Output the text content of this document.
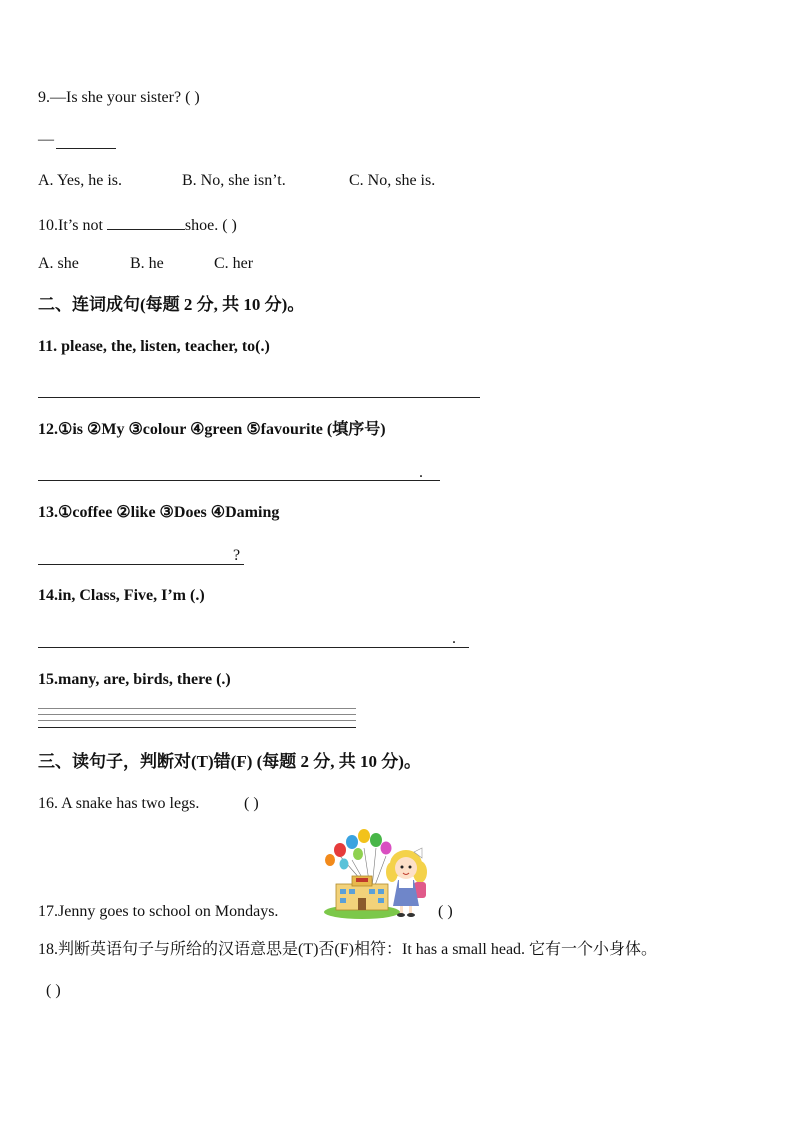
9.—Is she your sister? ( )
—
A. Yes, he is.	B. No, she isn’t.	C. No, she is.
10.It’s not	shoe. ( )
A. she	B. he	C. her
二、连词成句(每题 2 分, 共 10 分)。
11. please, the, listen, teacher, to(.)
12.①is ②My ③colour ④green ⑤favourite (填序号)
.
13.①coffee ②like ③Does ④Daming
?
14.in, Class, Five, I’m (.)
.
15.many, are, birds, there (.)
三、读句子，判断对(T)错(F) (每题 2 分, 共 10 分)。
16. A snake has two legs.	( )
17.Jenny goes to school on Mondays.	( )
18.判断英语句子与所给的汉语意思是(T)否(F)相符：It has a small head. 它有一个小身体。
( )
